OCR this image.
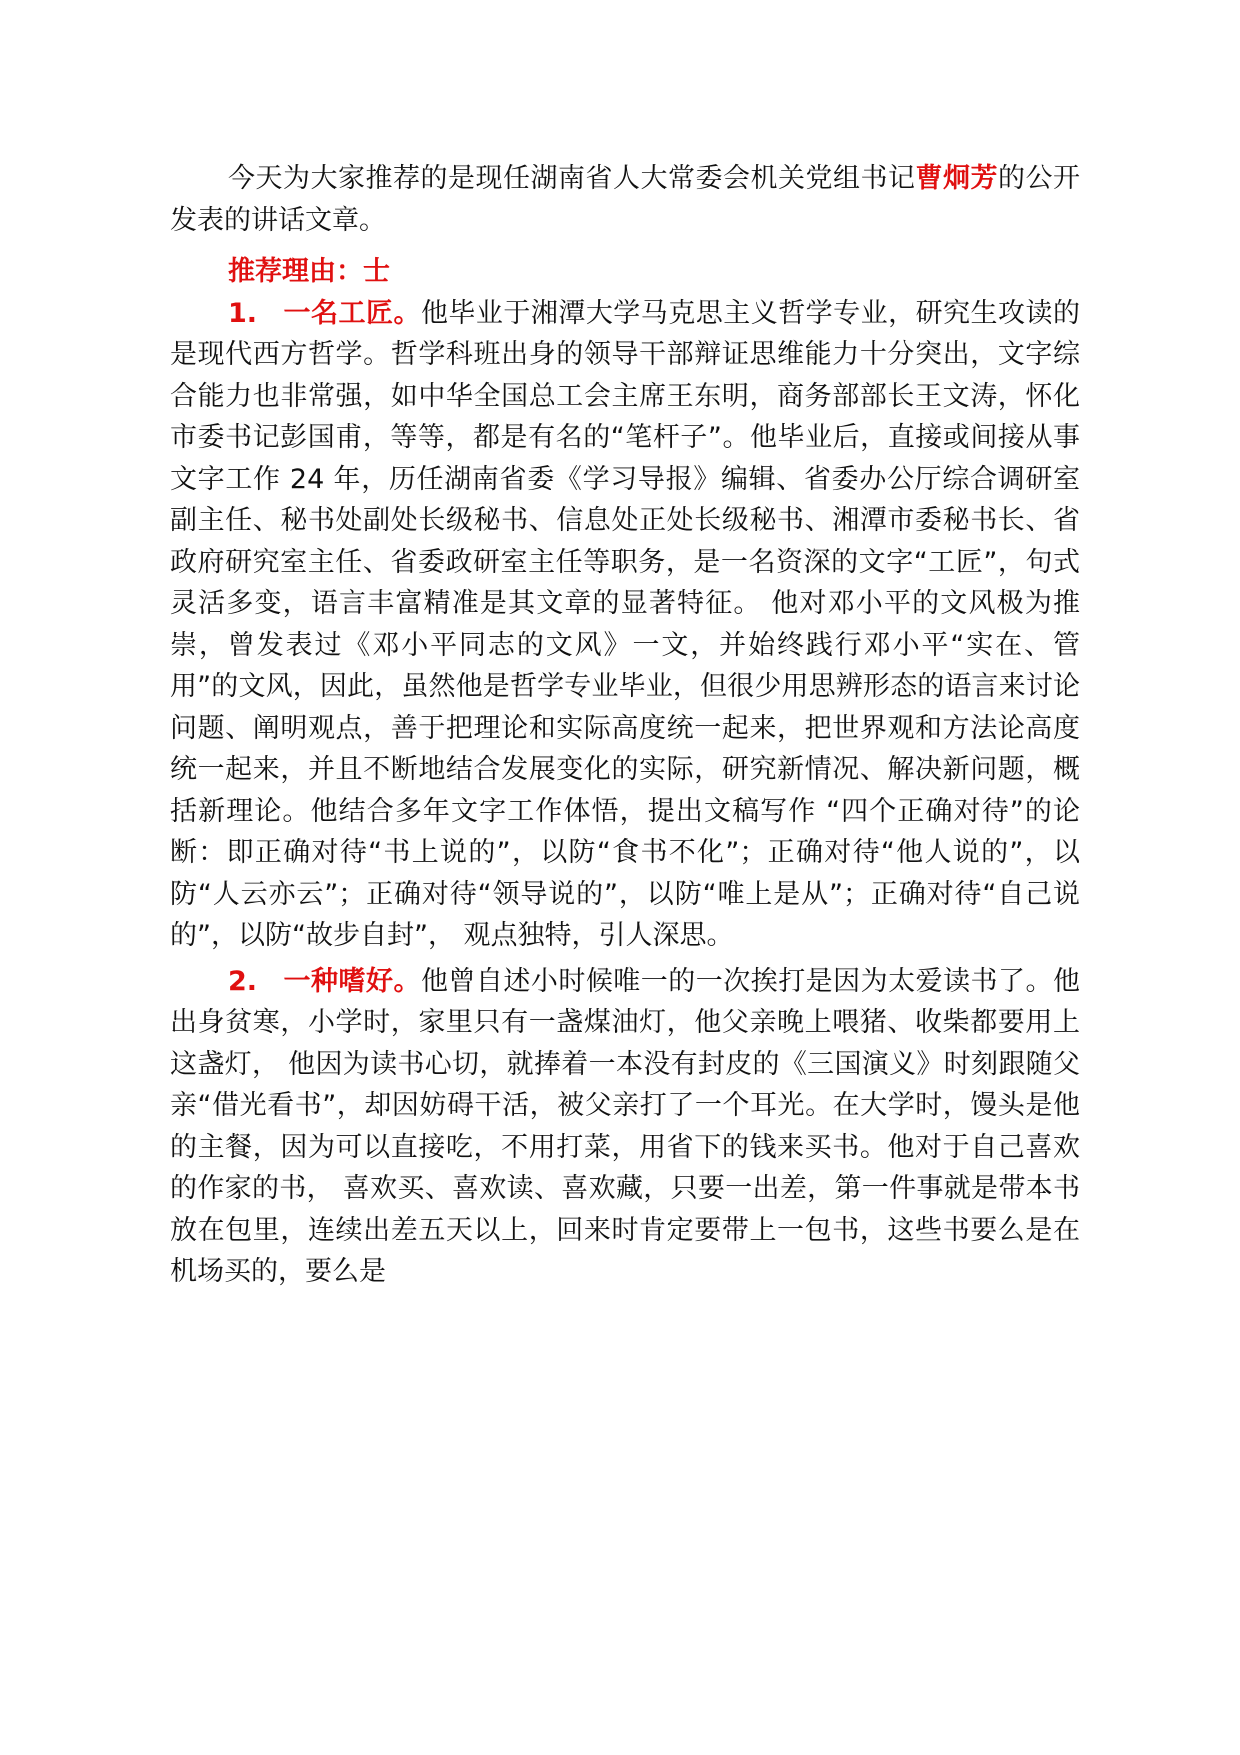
今天为大家推荐的是现任湖南省人大常委会机关党组书记曹炯芳的公开发表的讲话文章。

推荐理由：士

1. 一名工匠。他毕业于湘潭大学马克思主义哲学专业，研究生攻读的是现代西方哲学。哲学科班出身的领导干部辩证思维能力十分突出，文字综合能力也非常强，如中华全国总工会主席王东明，商务部部长王文涛，怀化市委书记彭国甫，等等，都是有名的“笔杆子”。他毕业后，直接或间接从事文字工作 24 年，历任湖南省委《学习导报》编辑、省委办公厅综合调研室副主任、秘书处副处长级秘书、信息处正处长级秘书、湘潭市委秘书长、省政府研究室主任、省委政研室主任等职务，是一名资深的文字“工匠”，句式灵活多变，语言丰富精准是其文章的显著特征。 他对邓小平的文风极为推崇，曾发表过《邓小平同志的文风》一文，并始终践行邓小平“实在、管用”的文风，因此，虽然他是哲学专业毕业，但很少用思辨形态的语言来讨论问题、阐明观点，善于把理论和实际高度统一起来，把世界观和方法论高度统一起来，并且不断地结合发展变化的实际，研究新情况、解决新问题，概括新理论。他结合多年文字工作体悟，提出文稿写作 “四个正确对待”的论断：即正确对待“书上说的”，以防“食书不化”；正确对待“他人说的”，以防“人云亦云”；正确对待“领导说的”，以防“唯上是从”；正确对待“自己说的”，以防“故步自封”， 观点独特，引人深思。

2. 一种嗜好。他曾自述小时候唯一的一次挨打是因为太爱读书了。他出身贫寒，小学时，家里只有一盏煤油灯，他父亲晚上喂猪、收柴都要用上这盏灯， 他因为读书心切，就捧着一本没有封皮的《三国演义》时刻跟随父亲“借光看书”，却因妨碍干活，被父亲打了一个耳光。在大学时，馒头是他的主餐，因为可以直接吃，不用打菜，用省下的钱来买书。他对于自己喜欢的作家的书， 喜欢买、喜欢读、喜欢藏，只要一出差，第一件事就是带本书放在包里，连续出差五天以上，回来时肯定要带上一包书，这些书要么是在机场买的，要么是
